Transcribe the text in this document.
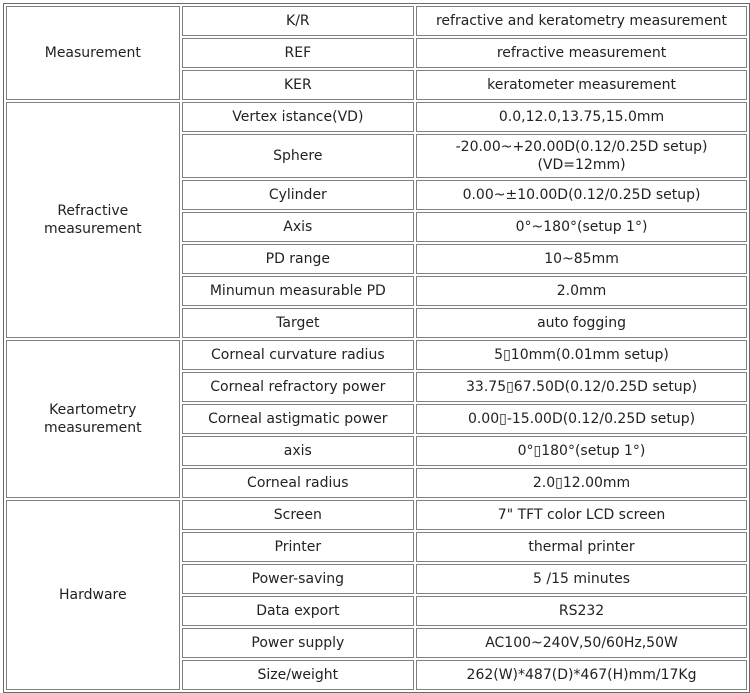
Measurement	K/R	refractive and keratometry measurement
	REF	refractive measurement
	KER	keratometer measurement

Refractive
measurement	Vertex istance(VD)	0.0,12.0,13.75,15.0mm
	Sphere	-20.00~+20.00D(0.12/0.25D setup)
(VD=12mm)

	Cylinder	0.00~±10.00D(0.12/0.25D setup)
	Axis	0°~180°(setup 1°)
	PD range	10~85mm
	Minumun measurable PD	2.0mm
	Target	auto fogging

Keartometry
measurement	Corneal curvature radius	5▯10mm(0.01mm setup)
	Corneal refractory power	33.75▯67.50D(0.12/0.25D setup)
	Corneal astigmatic power	0.00▯-15.00D(0.12/0.25D setup)
	axis	0°▯180°(setup 1°)
	Corneal radius	2.0▯12.00mm
Hardware	Screen	7" TFT color LCD screen
	Printer	thermal printer
	Power-saving	5 /15 minutes
	Data export	RS232
	Power supply	AC100~240V,50/60Hz,50W
	Size/weight	262(W)*487(D)*467(H)mm/17Kg
